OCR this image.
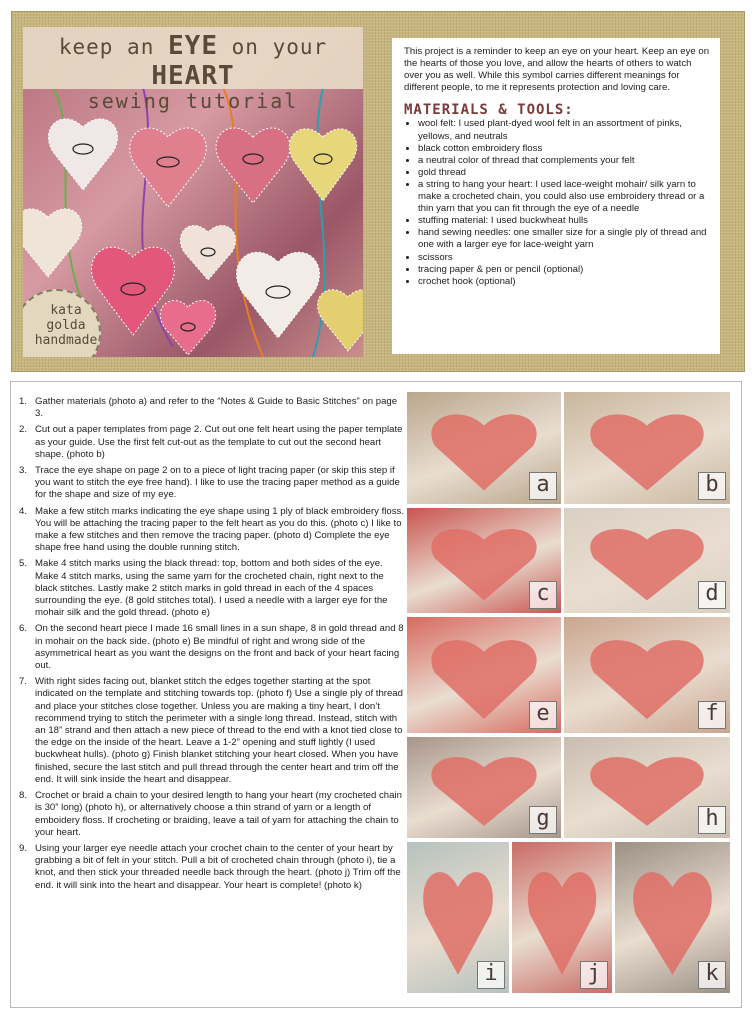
keep an EYE on your HEART
sewing tutorial
kata
golda
handmade

This project is a reminder to keep an eye on your heart. Keep an eye on the hearts of those you love, and allow the hearts of others to watch over you as well. While this symbol carries different meanings for different people, to me it represents protection and loving care.

MATERIALS & TOOLS:
• wool felt: I used plant-dyed wool felt in an assortment of pinks, yellows, and neutrals
• black cotton embroidery floss
• a neutral color of thread that complements your felt
• gold thread
• a string to hang your heart: I used lace-weight mohair/ silk yarn to make a crocheted chain, you could also use embroidery thread or a thin yarn that you can fit through the eye of a needle
• stuffing material: I used buckwheat hulls
• hand sewing needles: one smaller size for a single ply of thread and one with a larger eye for lace-weight yarn
• scissors
• tracing paper & pen or pencil (optional)
• crochet hook (optional)
1. Gather materials (photo a) and refer to the “Notes & Guide to Basic Stitches” on page 3.
2. Cut out a paper templates from page 2. Cut out one felt heart using the paper template as your guide. Use the first felt cut-out as the template to cut out the second heart shape. (photo b)
3. Trace the eye shape on page 2 on to a piece of light tracing paper (or skip this step if you want to stitch the eye free hand). I like to use the tracing paper method as a guide for the shape and size of my eye.
4. Make a few stitch marks indicating the eye shape using 1 ply of black embroidery floss. You will be attaching the tracing paper to the felt heart as you do this. (photo c) I like to make a few stitches and then remove the tracing paper. (photo d) Complete the eye shape free hand using the double running stitch.
5. Make 4 stitch marks using the black thread: top, bottom and both sides of the eye. Make 4 stitch marks, using the same yarn for the crocheted chain, right next to the black stitches. Lastly make 2 stitch marks in gold thread in each of the 4 spaces surrounding the eye. (8 gold stitches total). I used a needle with a larger eye for the mohair silk and the gold thread. (photo e)
6. On the second heart piece I made 16 small lines in a sun shape, 8 in gold thread and 8 in mohair on the back side. (photo e) Be mindful of right and wrong side of the asymmetrical heart as you want the designs on the front and back of your heart facing out.
7. With right sides facing out, blanket stitch the edges together starting at the spot indicated on the template and stitching towards top. (photo f) Use a single ply of thread and place your stitches close together. Unless you are making a tiny heart, I don’t recommend trying to stitch the perimeter with a single long thread. Instead, stitch with an 18” strand and then attach a new piece of thread to the end with a knot tied close to the edge on the inside of the heart. Leave a 1-2” opening and stuff lightly (I used buckwheat hulls). (photo g) Finish blanket stitching your heart closed. When you have finished, secure the last stitch and pull thread through the center heart and trim off the end. It will sink inside the heart and disappear.
8. Crochet or braid a chain to your desired length to hang your heart (my crocheted chain is 30” long) (photo h), or alternatively choose a thin strand of yarn or a length of emboidery floss. If crocheting or braiding, leave a tail of yarn for attaching the chain to your heart.
9. Using your larger eye needle attach your crochet chain to the center of your heart by grabbing a bit of felt in your stitch. Pull a bit of crocheted chain through (photo i), tie a knot, and then stick your threaded needle back through the heart. (photo j) Trim off the end. it will sink into the heart and disappear. Your heart is complete! (photo k)
a	b
c	d
e	f
g	h
i	j	k
